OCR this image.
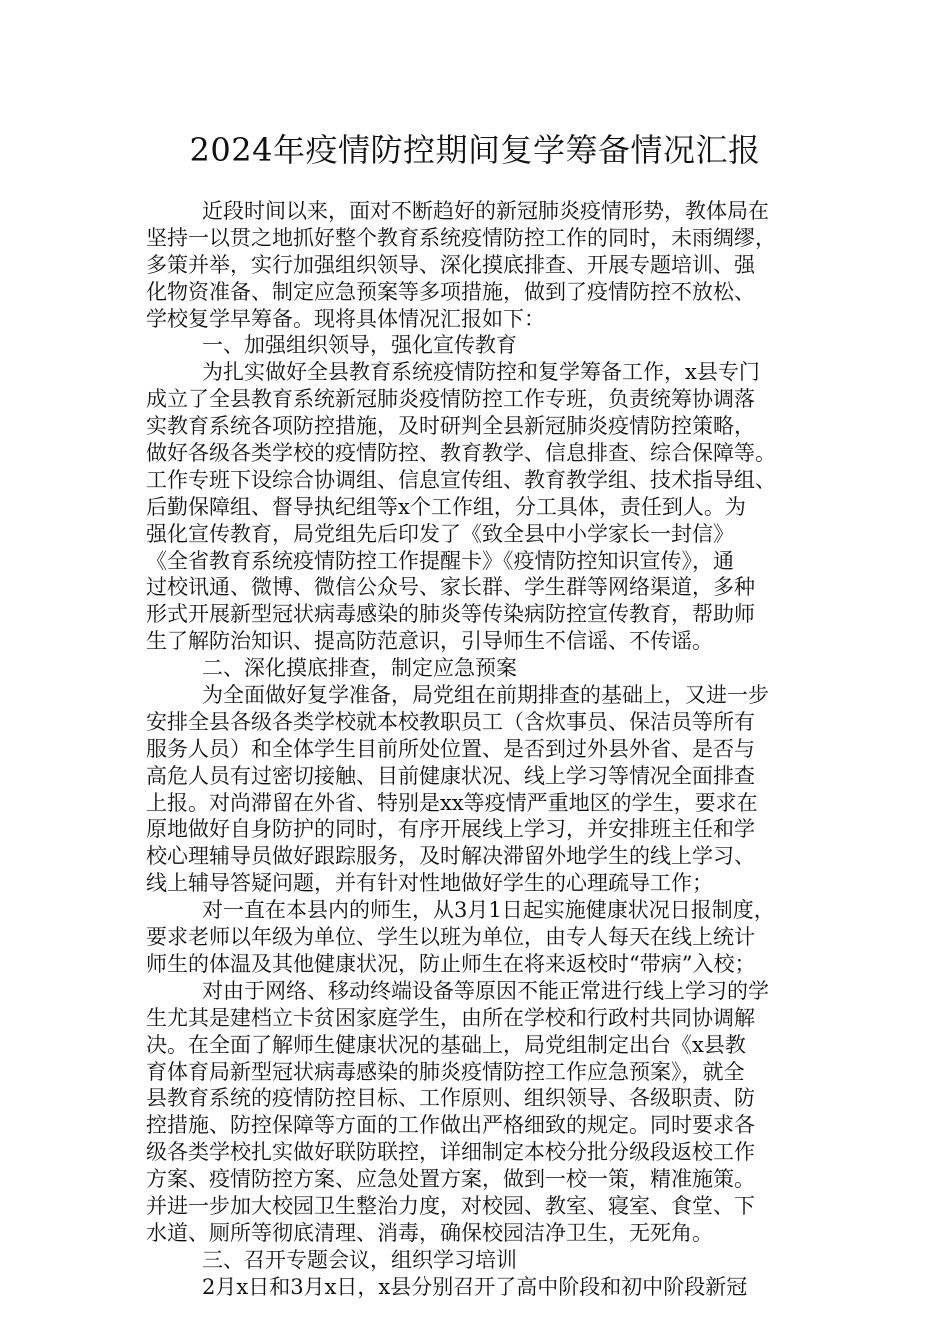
2024年疫情防控期间复学筹备情况汇报
近段时间以来，面对不断趋好的新冠肺炎疫情形势，教体局在
坚持一以贯之地抓好整个教育系统疫情防控工作的同时，未雨绸缪，
多策并举，实行加强组织领导、深化摸底排查、开展专题培训、强
化物资准备、制定应急预案等多项措施，做到了疫情防控不放松、
学校复学早筹备。现将具体情况汇报如下：
一、加强组织领导，强化宣传教育
为扎实做好全县教育系统疫情防控和复学筹备工作，x县专门
成立了全县教育系统新冠肺炎疫情防控工作专班，负责统筹协调落
实教育系统各项防控措施，及时研判全县新冠肺炎疫情防控策略，
做好各级各类学校的疫情防控、教育教学、信息排查、综合保障等。
工作专班下设综合协调组、信息宣传组、教育教学组、技术指导组、
后勤保障组、督导执纪组等x个工作组，分工具体，责任到人。为
强化宣传教育，局党组先后印发了《致全县中小学家长一封信》
《全省教育系统疫情防控工作提醒卡》《疫情防控知识宣传》，通
过校讯通、微博、微信公众号、家长群、学生群等网络渠道，多种
形式开展新型冠状病毒感染的肺炎等传染病防控宣传教育，帮助师
生了解防治知识、提高防范意识，引导师生不信谣、不传谣。
二、深化摸底排查，制定应急预案
为全面做好复学准备，局党组在前期排查的基础上，又进一步
安排全县各级各类学校就本校教职员工（含炊事员、保洁员等所有
服务人员）和全体学生目前所处位置、是否到过外县外省、是否与
高危人员有过密切接触、目前健康状况、线上学习等情况全面排查
上报。对尚滞留在外省、特别是xx等疫情严重地区的学生，要求在
原地做好自身防护的同时，有序开展线上学习，并安排班主任和学
校心理辅导员做好跟踪服务，及时解决滞留外地学生的线上学习、
线上辅导答疑问题，并有针对性地做好学生的心理疏导工作；
对一直在本县内的师生，从3月1日起实施健康状况日报制度，
要求老师以年级为单位、学生以班为单位，由专人每天在线上统计
师生的体温及其他健康状况，防止师生在将来返校时“带病”入校；
对由于网络、移动终端设备等原因不能正常进行线上学习的学
生尤其是建档立卡贫困家庭学生，由所在学校和行政村共同协调解
决。在全面了解师生健康状况的基础上，局党组制定出台《x县教
育体育局新型冠状病毒感染的肺炎疫情防控工作应急预案》，就全
县教育系统的疫情防控目标、工作原则、组织领导、各级职责、防
控措施、防控保障等方面的工作做出严格细致的规定。同时要求各
级各类学校扎实做好联防联控，详细制定本校分批分级段返校工作
方案、疫情防控方案、应急处置方案，做到一校一策，精准施策。
并进一步加大校园卫生整治力度，对校园、教室、寝室、食堂、下
水道、厕所等彻底清理、消毒，确保校园洁净卫生，无死角。
三、召开专题会议，组织学习培训
2月x日和3月x日，x县分别召开了高中阶段和初中阶段新冠
